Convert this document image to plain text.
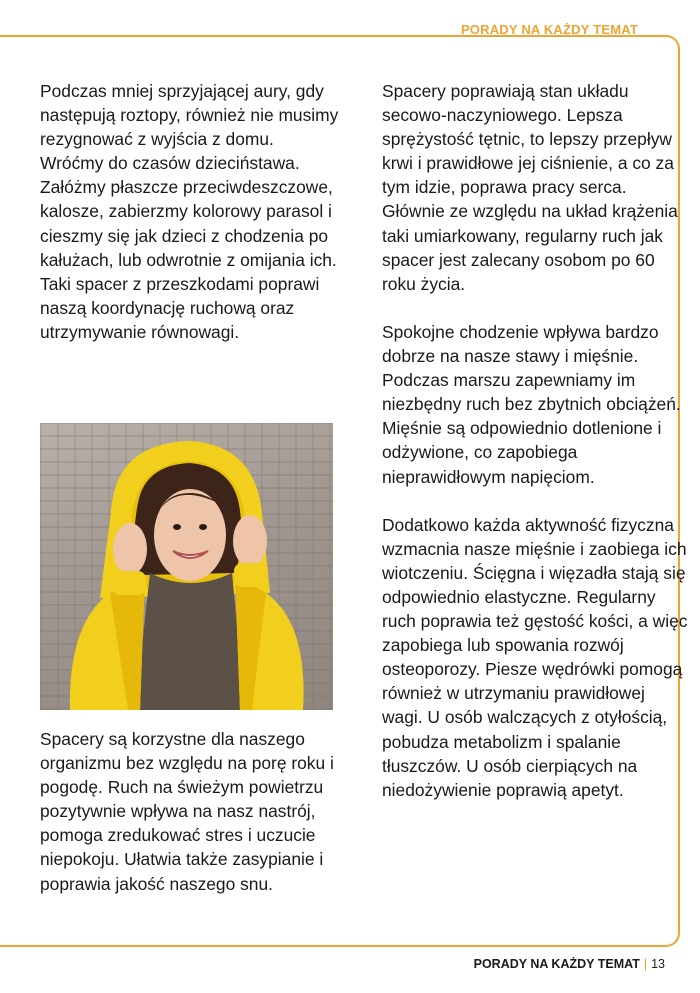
PORADY NA KAŻDY TEMAT

Podczas mniej sprzyjającej aury, gdy następują roztopy, również nie musimy rezygnować z wyjścia z domu. Wróćmy do czasów dzieciństawa. Załóżmy płaszcze przeciwdeszczowe, kalosze, zabierzmy kolorowy parasol i cieszmy się jak dzieci z chodzenia po kałużach, lub odwrotnie z omijania ich. Taki spacer z przeszkodami poprawi naszą koordynację ruchową oraz utrzymywanie równowagi.

Spacery są korzystne dla naszego organizmu bez względu na porę roku i pogodę. Ruch na świeżym powietrzu pozytywnie wpływa na nasz nastrój, pomoga zredukować stres i uczucie niepokoju. Ułatwia także zasypianie i poprawia jakość naszego snu.

Spacery poprawiają stan układu secowo-naczyniowego. Lepsza sprężystość tętnic, to lepszy przepływ krwi i prawidłowe jej ciśnienie, a co za tym idzie, poprawa pracy serca. Głównie ze względu na układ krążenia taki umiarkowany, regularny ruch jak spacer jest zalecany osobom po 60 roku życia.

Spokojne chodzenie wpływa bardzo dobrze na nasze stawy i mięśnie. Podczas marszu zapewniamy im niezbędny ruch bez zbytnich obciążeń. Mięśnie są odpowiednio dotlenione i odżywione, co zapobiega nieprawidłowym napięciom.

Dodatkowo każda aktywność fizyczna wzmacnia nasze mięśnie i zaobiega ich wiotczeniu. Ścięgna i więzadła stają się odpowiednio elastyczne. Regularny ruch poprawia też gęstość kości, a więc zapobiega lub spowania rozwój osteoporozy. Piesze wędrówki pomogą również w utrzymaniu prawidłowej wagi. U osób walczących z otyłością, pobudza metabolizm i spalanie tłuszczów. U osób cierpiących na niedożywienie poprawią apetyt.

PORADY NA KAŻDY TEMAT | 13
